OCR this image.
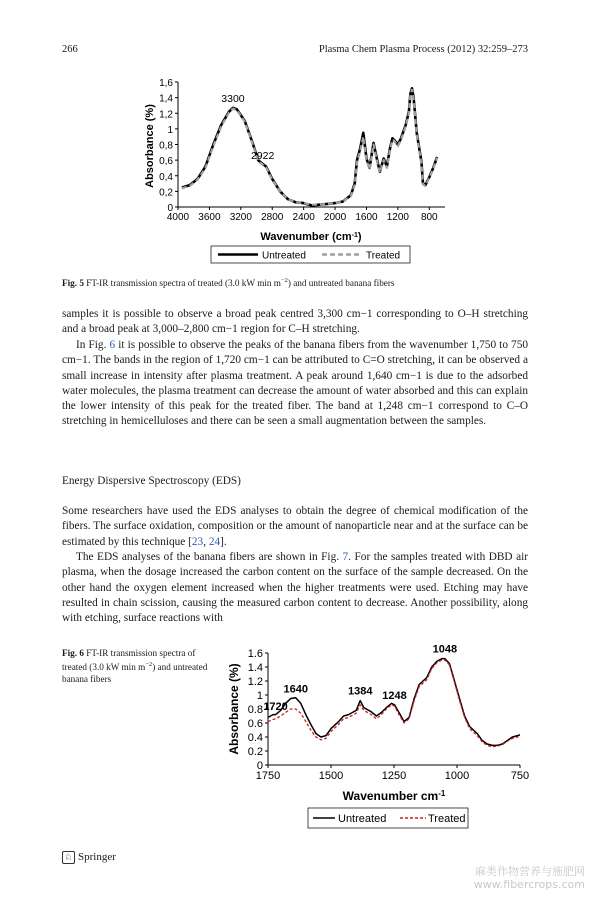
266	Plasma Chem Plasma Process (2012) 32:259–273
0
0,2
0,4
0,6
0,8
1
1,2
1,4
1,6
4000 3600 3200 2800 2400 2000 1600 1200 800
3300
2922
Absorbance (%)
Wavenumber $(cm^{-1})$
Untreated	Treated
Fig. 5 FT-IR transmission spectra of treated (3.0 kW $\min m^{-2}$) and untreated banana fibers
samples it is possible to observe a broad peak centred 3,300 cm−1 corresponding to O–H stretching and a broad peak at 3,000–2,800 cm−1 region for C–H stretching.
In Fig. 6 it is possible to observe the peaks of the banana fibers from the wavenumber 1,750 to 750 cm−1. The bands in the region of 1,720 cm−1 can be attributed to C=O stretching, it can be observed a small increase in intensity after plasma treatment. A peak around 1,640 cm−1 is due to the adsorbed water molecules, the plasma treatment can decrease the amount of water absorbed and this can explain the lower intensity of this peak for the treated fiber. The band at 1,248 cm−1 correspond to C–O stretching in hemicelluloses and there can be seen a small augmentation between the samples.
Energy Dispersive Spectroscopy (EDS)
Some researchers have used the EDS analyses to obtain the degree of chemical modification of the fibers. The surface oxidation, composition or the amount of nanoparticle near and at the surface can be estimated by this technique [23, 24].
The EDS analyses of the banana fibers are shown in Fig. 7. For the samples treated with DBD air plasma, when the dosage increased the carbon content on the surface of the sample decreased. On the other hand the oxygen element increased when the higher treatments were used. Etching may have resulted in chain scission, causing the measured carbon content to decrease. Another possibility, along with etching, surface reactions with
Fig. 6 FT-IR transmission spectra of treated (3.0 kW $\min m^{-2}$) and untreated banana fibers
0
0.2
0.4
0.6
0.8
1
1.2
1.4
1.6
1750	1500	1250	1000	750
1048
1640	1384 1248
1720
Absorbance (%)
Wavenumber $cm^{-1}$
Untreated	Treated
♘ Springer
麻类作物营养与施肥网
www.fibercrops.com
